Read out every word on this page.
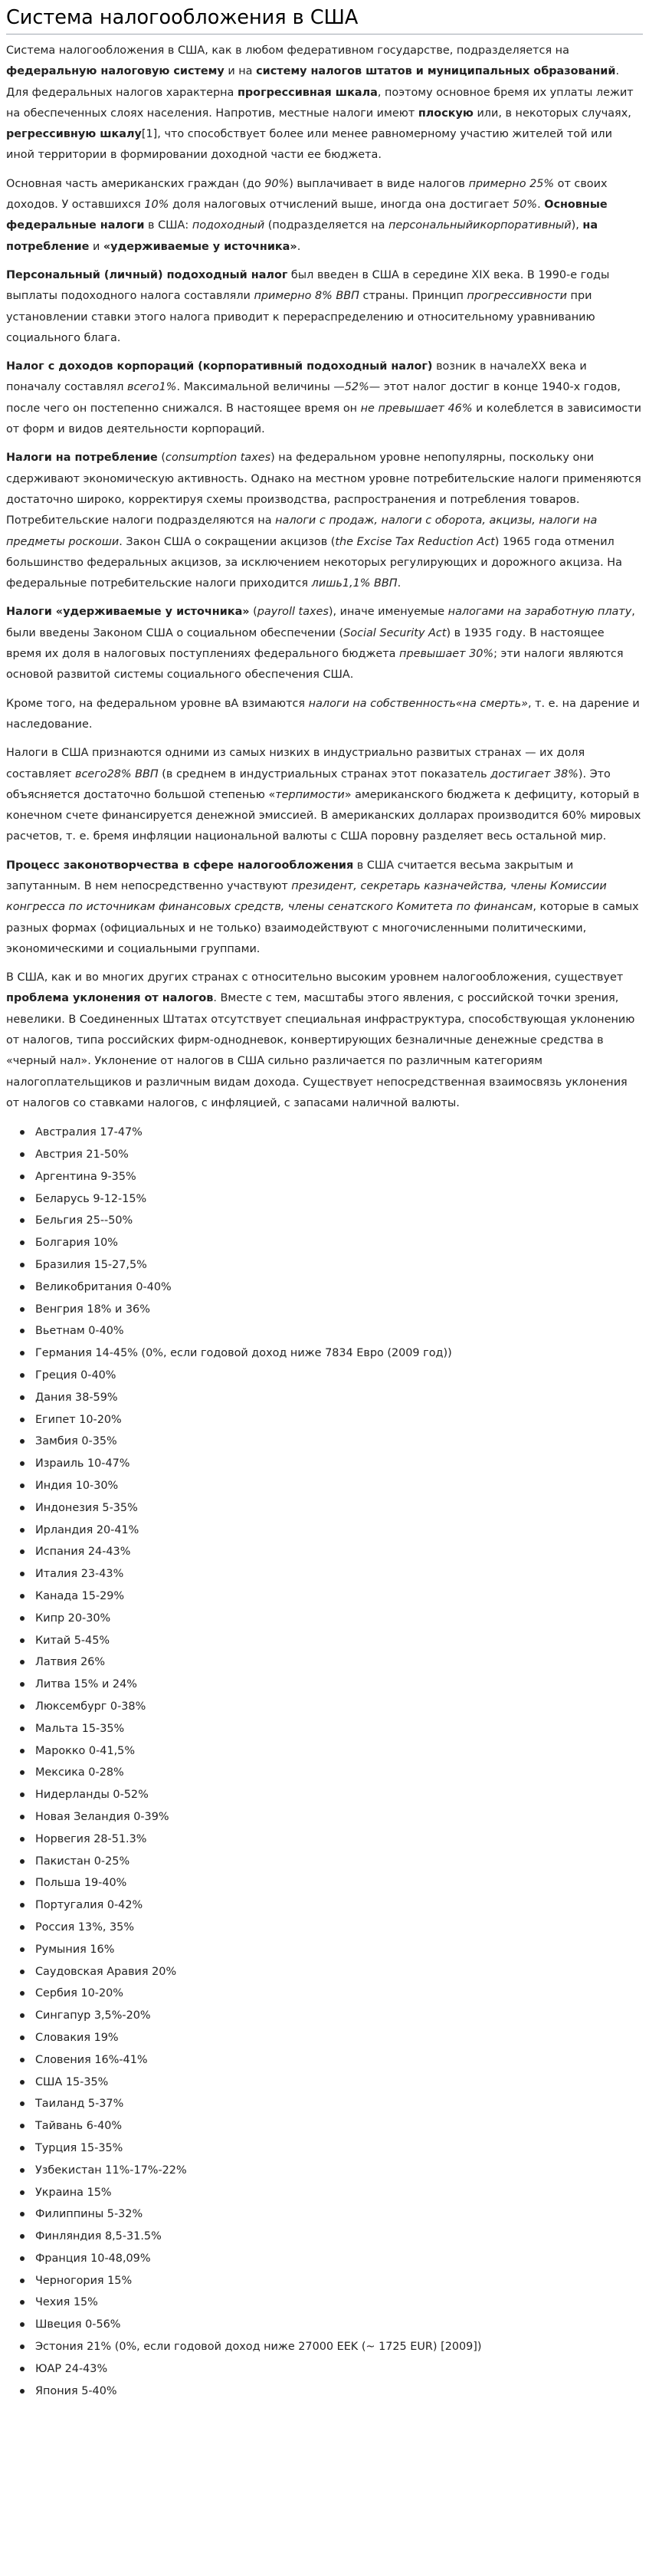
Система налогообложения в США

Система налогообложения в США, как в любом федеративном государстве, подразделяется на федеральную налоговую систему и на систему налогов штатов и муниципальных образований. Для федеральных налогов характерна прогрессивная шкала, поэтому основное бремя их уплаты лежит на обеспеченных слоях населения. Напротив, местные налоги имеют плоскую или, в некоторых случаях, регрессивную шкалу[1], что способствует более или менее равномерному участию жителей той или иной территории в формировании доходной части ее бюджета.

Основная часть американских граждан (до 90%) выплачивает в виде налогов примерно 25% от своих доходов. У оставшихся 10% доля налоговых отчислений выше, иногда она достигает 50%. Основные федеральные налоги в США: подоходный (подразделяется на персональныйикорпоративный), на потребление и «удерживаемые у источника».

Персональный (личный) подоходный налог был введен в США в середине XIX века. В 1990-е годы выплаты подоходного налога составляли примерно 8% ВВП страны. Принцип прогрессивности при установлении ставки этого налога приводит к перераспределению и относительному уравниванию социального блага.

Налог с доходов корпораций (корпоративный подоходный налог) возник в началеXX века и поначалу составлял всего1%. Максимальной величины —52%— этот налог достиг в конце 1940-х годов, после чего он постепенно снижался. В настоящее время он не превышает 46% и колеблется в зависимости от форм и видов деятельности корпораций.

Налоги на потребление (consumption taxes) на федеральном уровне непопулярны, поскольку они сдерживают экономическую активность. Однако на местном уровне потребительские налоги применяются достаточно широко, корректируя схемы производства, распространения и потребления товаров. Потребительские налоги подразделяются на налоги с продаж, налоги с оборота, акцизы, налоги на предметы роскоши. Закон США о сокращении акцизов (the Excise Tax Reduction Act) 1965 года отменил большинство федеральных акцизов, за исключением некоторых регулирующих и дорожного акциза. На федеральные потребительские налоги приходится лишь1,1% ВВП.

Налоги «удерживаемые у источника» (payroll taxes), иначе именуемые налогами на заработную плату, были введены Законом США о социальном обеспечении (Social Security Act) в 1935 году. В настоящее время их доля в налоговых поступлениях федерального бюджета превышает 30%; эти налоги являются основой развитой системы социального обеспечения США.

Кроме того, на федеральном уровне вА взимаются налоги на собственность«на смерть», т. е. на дарение и наследование.

Налоги в США признаются одними из самых низких в индустриально развитых странах — их доля составляет всего28% ВВП (в среднем в индустриальных странах этот показатель достигает 38%). Это объясняется достаточно большой степенью «терпимости» американского бюджета к дефициту, который в конечном счете финансируется денежной эмиссией. В американских долларах производится 60% мировых расчетов, т. е. бремя инфляции национальной валюты с США поровну разделяет весь остальной мир.

Процесс законотворчества в сфере налогообложения в США считается весьма закрытым и запутанным. В нем непосредственно участвуют президент, секретарь казначейства, члены Комиссии конгресса по источникам финансовых средств, члены сенатского Комитета по финансам, которые в самых разных формах (официальных и не только) взаимодействуют с многочисленными политическими, экономическими и социальными группами.

В США, как и во многих других странах с относительно высоким уровнем налогообложения, существует проблема уклонения от налогов. Вместе с тем, масштабы этого явления, с российской точки зрения, невелики. В Соединенных Штатах отсутствует специальная инфраструктура, способствующая уклонению от налогов, типа российских фирм-однодневок, конвертирующих безналичные денежные средства в «черный нал». Уклонение от налогов в США сильно различается по различным категориям налогоплательщиков и различным видам дохода. Существует непосредственная взаимосвязь уклонения от налогов со ставками налогов, с инфляцией, с запасами наличной валюты.

Австралия 17-47%
Австрия 21-50%
Аргентина 9-35%
Беларусь 9-12-15%
Бельгия 25--50%
Болгария 10%
Бразилия 15-27,5%
Великобритания 0-40%
Венгрия 18% и 36%
Вьетнам 0-40%
Германия 14-45% (0%, если годовой доход ниже 7834 Евро (2009 год))
Греция 0-40%
Дания 38-59%
Египет 10-20%
Замбия 0-35%
Израиль 10-47%
Индия 10-30%
Индонезия 5-35%
Ирландия 20-41%
Испания 24-43%
Италия 23-43%
Канада 15-29%
Кипр 20-30%
Китай 5-45%
Латвия 26%
Литва 15% и 24%
Люксембург 0-38%
Мальта 15-35%
Марокко 0-41,5%
Мексика 0-28%
Нидерланды 0-52%
Новая Зеландия 0-39%
Норвегия 28-51.3%
Пакистан 0-25%
Польша 19-40%
Португалия 0-42%
Россия 13%, 35%
Румыния 16%
Саудовская Аравия 20%
Сербия 10-20%
Сингапур 3,5%-20%
Словакия 19%
Словения 16%-41%
США 15-35%
Таиланд 5-37%
Тайвань 6-40%
Турция 15-35%
Узбекистан 11%-17%-22%
Украина 15%
Филиппины 5-32%
Финляндия 8,5-31.5%
Франция 10-48,09%
Черногория 15%
Чехия 15%
Швеция 0-56%
Эстония 21% (0%, если годовой доход ниже 27000 EEK (~ 1725 EUR) [2009])
ЮАР 24-43%
Япония 5-40%
